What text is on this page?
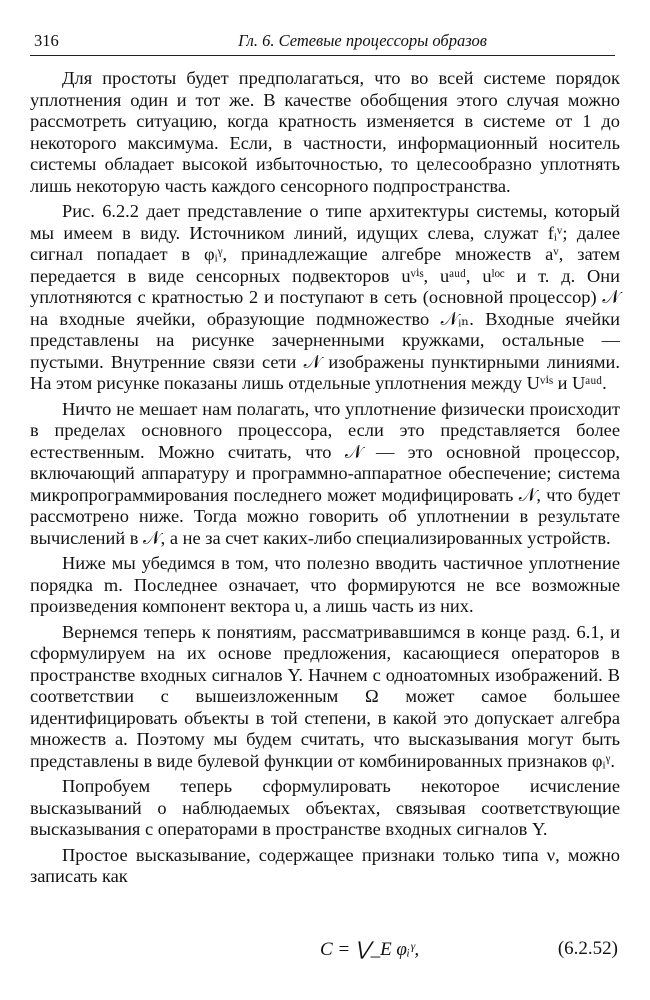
316	Гл. 6. Сетевые процессоры образов

Для простоты будет предполагаться, что во всей системе порядок уплотнения один и тот же. В качестве обобщения этого случая можно рассмотреть ситуацию, когда кратность изменяется в системе от 1 до некоторого максимума. Если, в частности, информационный носитель системы обладает высокой избыточностью, то целесообразно уплотнять лишь некоторую часть каждого сенсорного подпространства.

Рис. 6.2.2 дает представление о типе архитектуры системы, который мы имеем в виду. Источником линий, идущих слева, служат fᵢᵛ; далее сигнал попадает в φᵢᵞ, принадлежащие алгебре множеств aᵛ, затем передается в виде сенсорных подвекторов uᵛⁱˢ, uᵃᵘᵈ, uˡᵒᶜ и т. д. Они уплотняются с кратностью 2 и поступают в сеть (основной процессор) 𝒩 на входные ячейки, образующие подмножество 𝒩ᵢₙ. Входные ячейки представлены на рисунке зачерненными кружками, остальные — пустыми. Внутренние связи сети 𝒩 изображены пунктирными линиями. На этом рисунке показаны лишь отдельные уплотнения между Uᵛⁱˢ и Uᵃᵘᵈ.

Ничто не мешает нам полагать, что уплотнение физически происходит в пределах основного процессора, если это представляется более естественным. Можно считать, что 𝒩 — это основной процессор, включающий аппаратуру и программно-аппаратное обеспечение; система микропрограммирования последнего может модифицировать 𝒩, что будет рассмотрено ниже. Тогда можно говорить об уплотнении в результате вычислений в 𝒩, а не за счет каких-либо специализированных устройств.

Ниже мы убедимся в том, что полезно вводить частичное уплотнение порядка m. Последнее означает, что формируются не все возможные произведения компонент вектора u, а лишь часть из них.

Вернемся теперь к понятиям, рассматривавшимся в конце разд. 6.1, и сформулируем на их основе предложения, касающиеся операторов в пространстве входных сигналов Y. Начнем с одноатомных изображений. В соответствии с вышеизложенным Ω может самое большее идентифицировать объекты в той степени, в какой это допускает алгебра множеств a. Поэтому мы будем считать, что высказывания могут быть представлены в виде булевой функции от комбинированных признаков φᵢᵞ.

Попробуем теперь сформулировать некоторое исчисление высказываний о наблюдаемых объектах, связывая соответствующие высказывания с операторами в пространстве входных сигналов Y.

Простое высказывание, содержащее признаки только типа ν, можно записать как

C = ⋁_E φᵢᵞ,	(6.2.52)
